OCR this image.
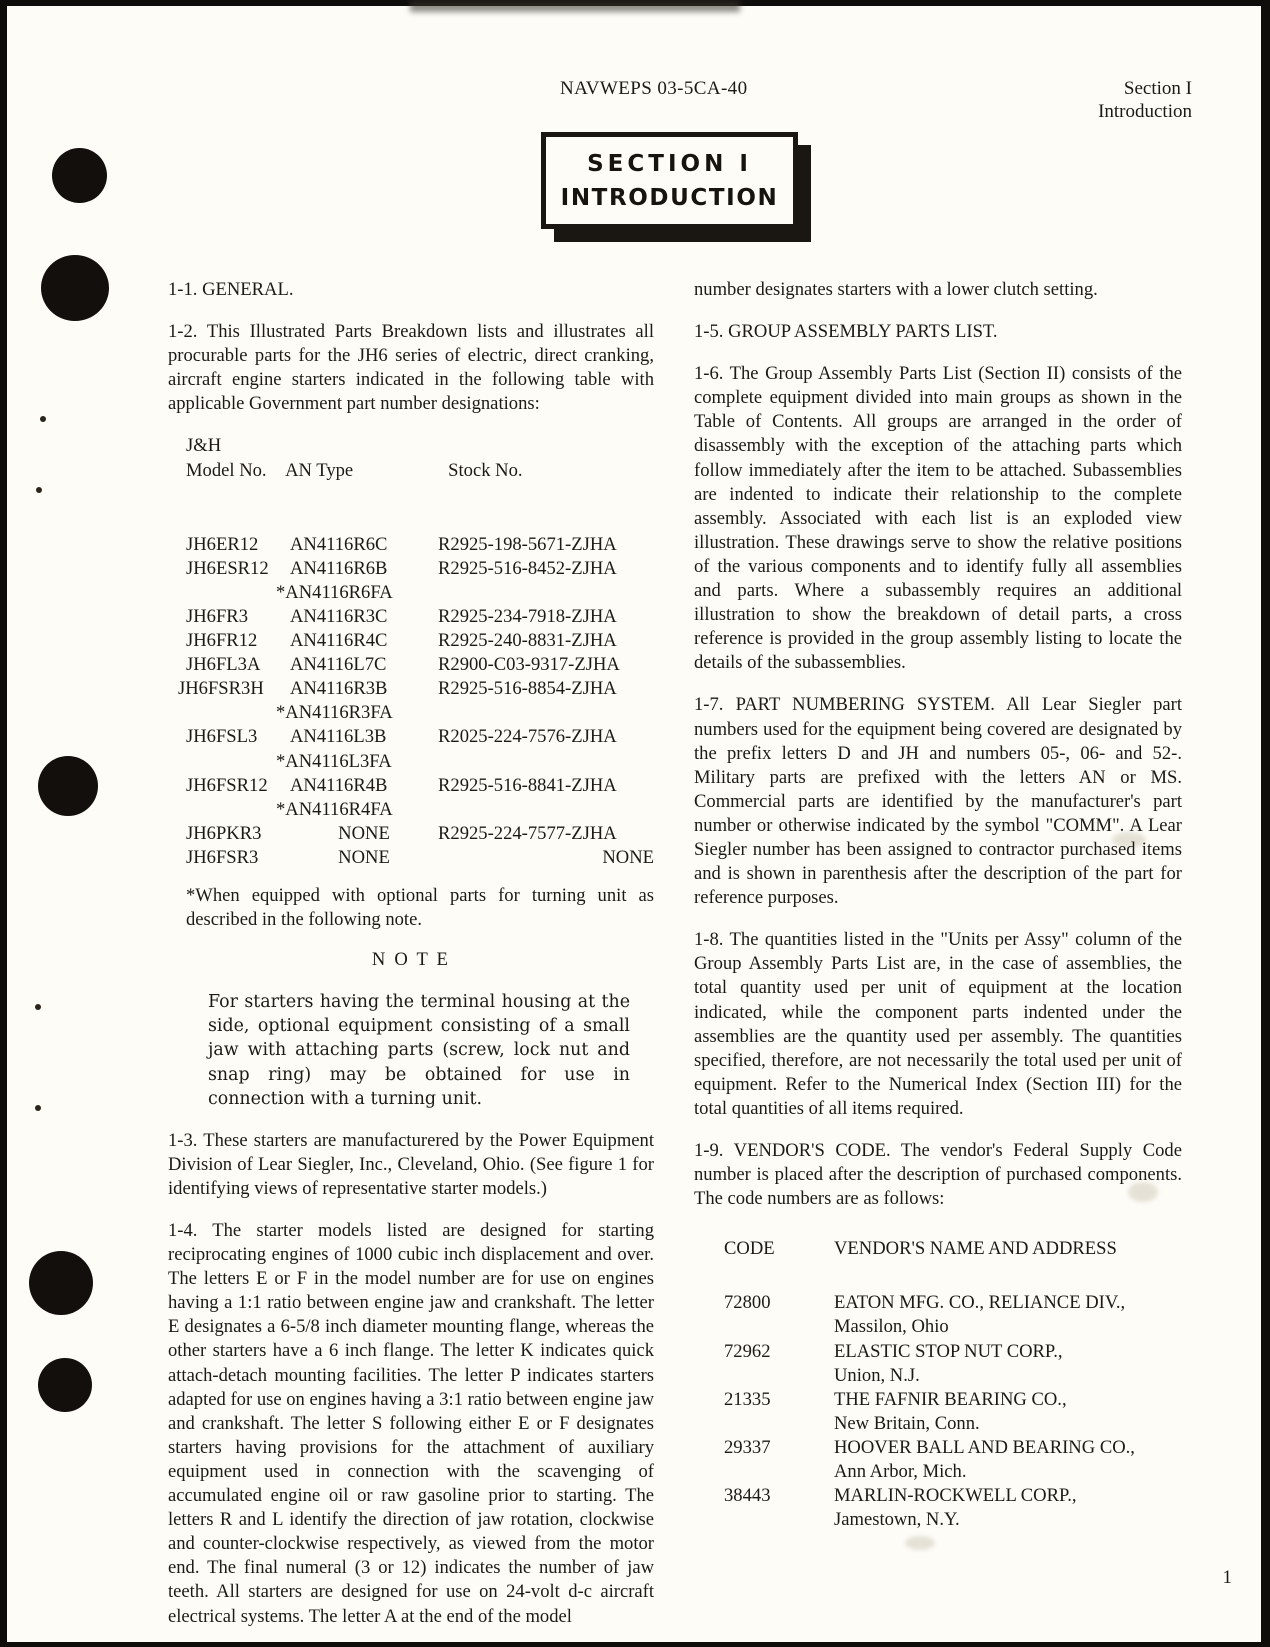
NAVWEPS 03-5CA-40	Section I
Introduction
SECTION I
INTRODUCTION

1-1. GENERAL.

1-2. This Illustrated Parts Breakdown lists and illustrates all procurable parts for the JH6 series of electric, direct cranking, aircraft engine starters indicated in the following table with applicable Government part number designations:

J&H
Model No. AN Type	Stock No.
JH6ER12	AN4116R6C	R2925-198-5671-ZJHA
JH6ESR12	AN4116R6B	R2925-516-8452-ZJHA
*AN4116R6FA
JH6FR3	AN4116R3C	R2925-234-7918-ZJHA
JH6FR12	AN4116R4C	R2925-240-8831-ZJHA
JH6FL3A	AN4116L7C	R2900-C03-9317-ZJHA
JH6FSR3H	AN4116R3B	R2925-516-8854-ZJHA
*AN4116R3FA
JH6FSL3	AN4116L3B	R2025-224-7576-ZJHA
*AN4116L3FA
JH6FSR12	AN4116R4B	R2925-516-8841-ZJHA
*AN4116R4FA
JH6PKR3	NONE	R2925-224-7577-ZJHA
JH6FSR3	NONE	NONE

*When equipped with optional parts for turning unit as described in the following note.

N O T E

For starters having the terminal housing at the side, optional equipment consisting of a small jaw with attaching parts (screw, lock nut and snap ring) may be obtained for use in connection with a turning unit.

1-3. These starters are manufacturered by the Power Equipment Division of Lear Siegler, Inc., Cleveland, Ohio. (See figure 1 for identifying views of representative starter models.)

1-4. The starter models listed are designed for starting reciprocating engines of 1000 cubic inch displacement and over. The letters E or F in the model number are for use on engines having a 1:1 ratio between engine jaw and crankshaft. The letter E designates a 6-5/8 inch diameter mounting flange, whereas the other starters have a 6 inch flange. The letter K indicates quick attach-detach mounting facilities. The letter P indicates starters adapted for use on engines having a 3:1 ratio between engine jaw and crankshaft. The letter S following either E or F designates starters having provisions for the attachment of auxiliary equipment used in connection with the scavenging of accumulated engine oil or raw gasoline prior to starting. The letters R and L identify the direction of jaw rotation, clockwise and counter-clockwise respectively, as viewed from the motor end. The final numeral (3 or 12) indicates the number of jaw teeth. All starters are designed for use on 24-volt d-c aircraft electrical systems. The letter A at the end of the model

number designates starters with a lower clutch setting.

1-5. GROUP ASSEMBLY PARTS LIST.

1-6. The Group Assembly Parts List (Section II) consists of the complete equipment divided into main groups as shown in the Table of Contents. All groups are arranged in the order of disassembly with the exception of the attaching parts which follow immediately after the item to be attached. Subassemblies are indented to indicate their relationship to the complete assembly. Associated with each list is an exploded view illustration. These drawings serve to show the relative positions of the various components and to identify fully all assemblies and parts. Where a subassembly requires an additional illustration to show the breakdown of detail parts, a cross reference is provided in the group assembly listing to locate the details of the subassemblies.

1-7. PART NUMBERING SYSTEM. All Lear Siegler part numbers used for the equipment being covered are designated by the prefix letters D and JH and numbers 05-, 06- and 52-. Military parts are prefixed with the letters AN or MS. Commercial parts are identified by the manufacturer's part number or otherwise indicated by the symbol "COMM". A Lear Siegler number has been assigned to contractor purchased items and is shown in parenthesis after the description of the part for reference purposes.

1-8. The quantities listed in the "Units per Assy" column of the Group Assembly Parts List are, in the case of assemblies, the total quantity used per unit of equipment at the location indicated, while the component parts indented under the assemblies are the quantity used per assembly. The quantities specified, therefore, are not necessarily the total used per unit of equipment. Refer to the Numerical Index (Section III) for the total quantities of all items required.

1-9. VENDOR'S CODE. The vendor's Federal Supply Code number is placed after the description of purchased components. The code numbers are as follows:

CODE	VENDOR'S NAME AND ADDRESS
72800	EATON MFG. CO., RELIANCE DIV.,
Massilon, Ohio
72962	ELASTIC STOP NUT CORP.,
Union, N.J.
21335	THE FAFNIR BEARING CO.,
New Britain, Conn.
29337	HOOVER BALL AND BEARING CO.,
Ann Arbor, Mich.
38443	MARLIN-ROCKWELL CORP.,
Jamestown, N.Y.
1
